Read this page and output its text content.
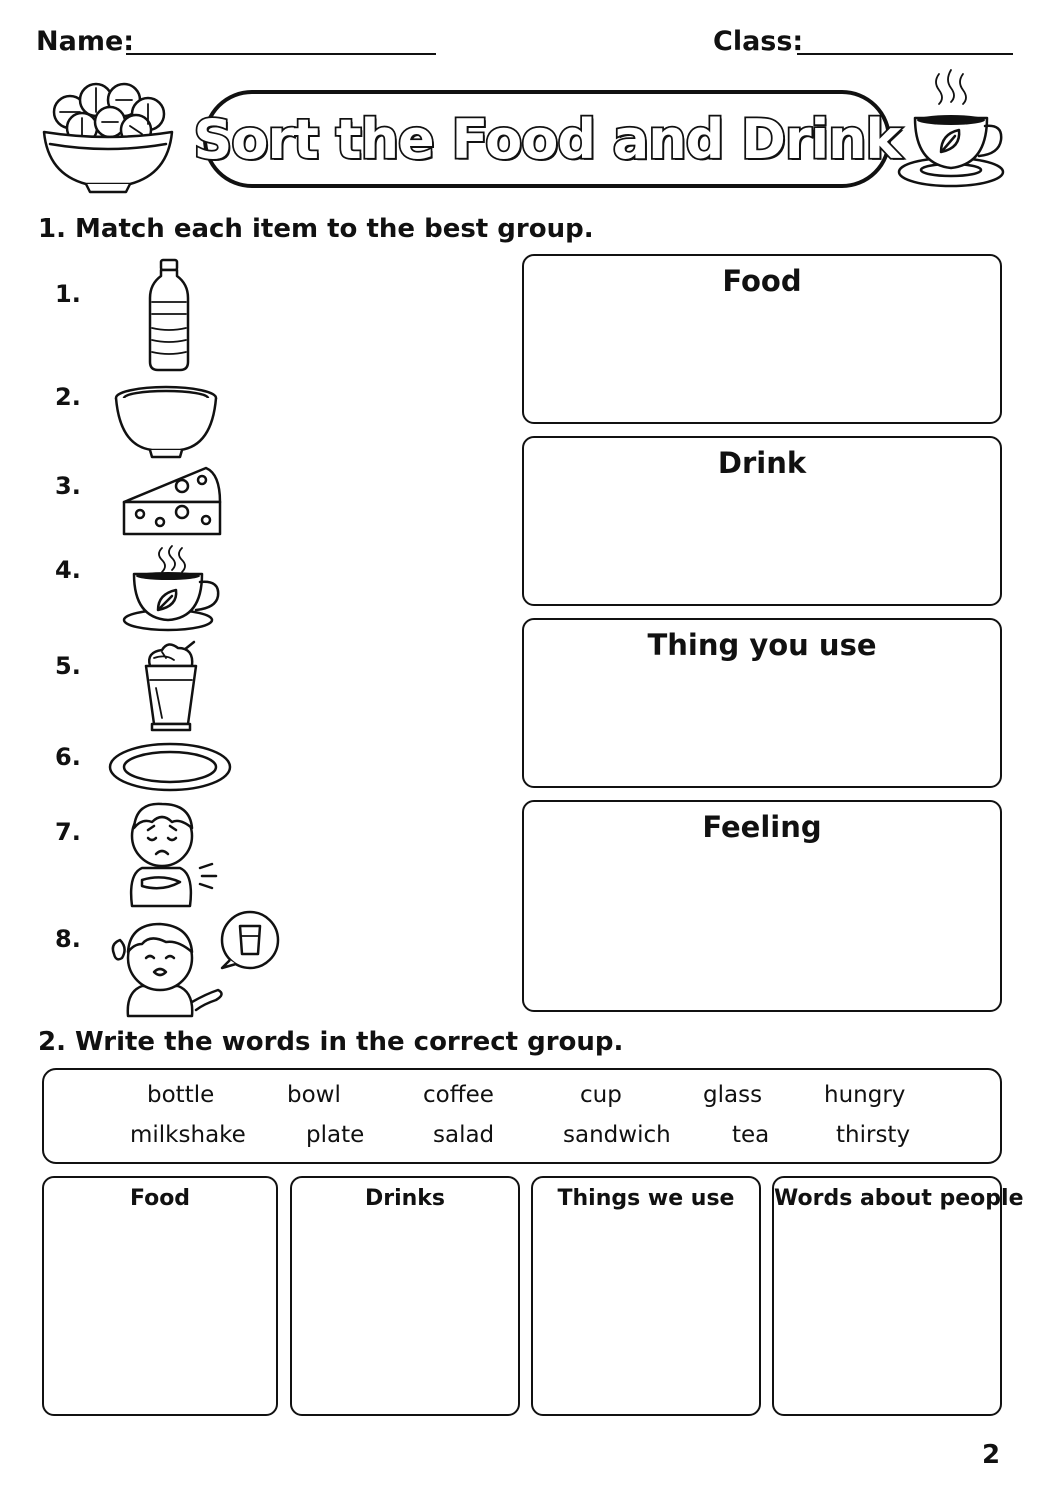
Name:	Class:
Sort the Food and Drink
1. Match each item to the best group.
1.
2.
3.
4.
5.
6.
7.
8.
Food
Drink
Thing you use
Feeling
2. Write the words in the correct group.
bottle	bowl	coffee	cup	glass	hungry
milkshake	plate	salad	sandwich	tea	thirsty
Food	Drinks	Things we use	Words about people
2
